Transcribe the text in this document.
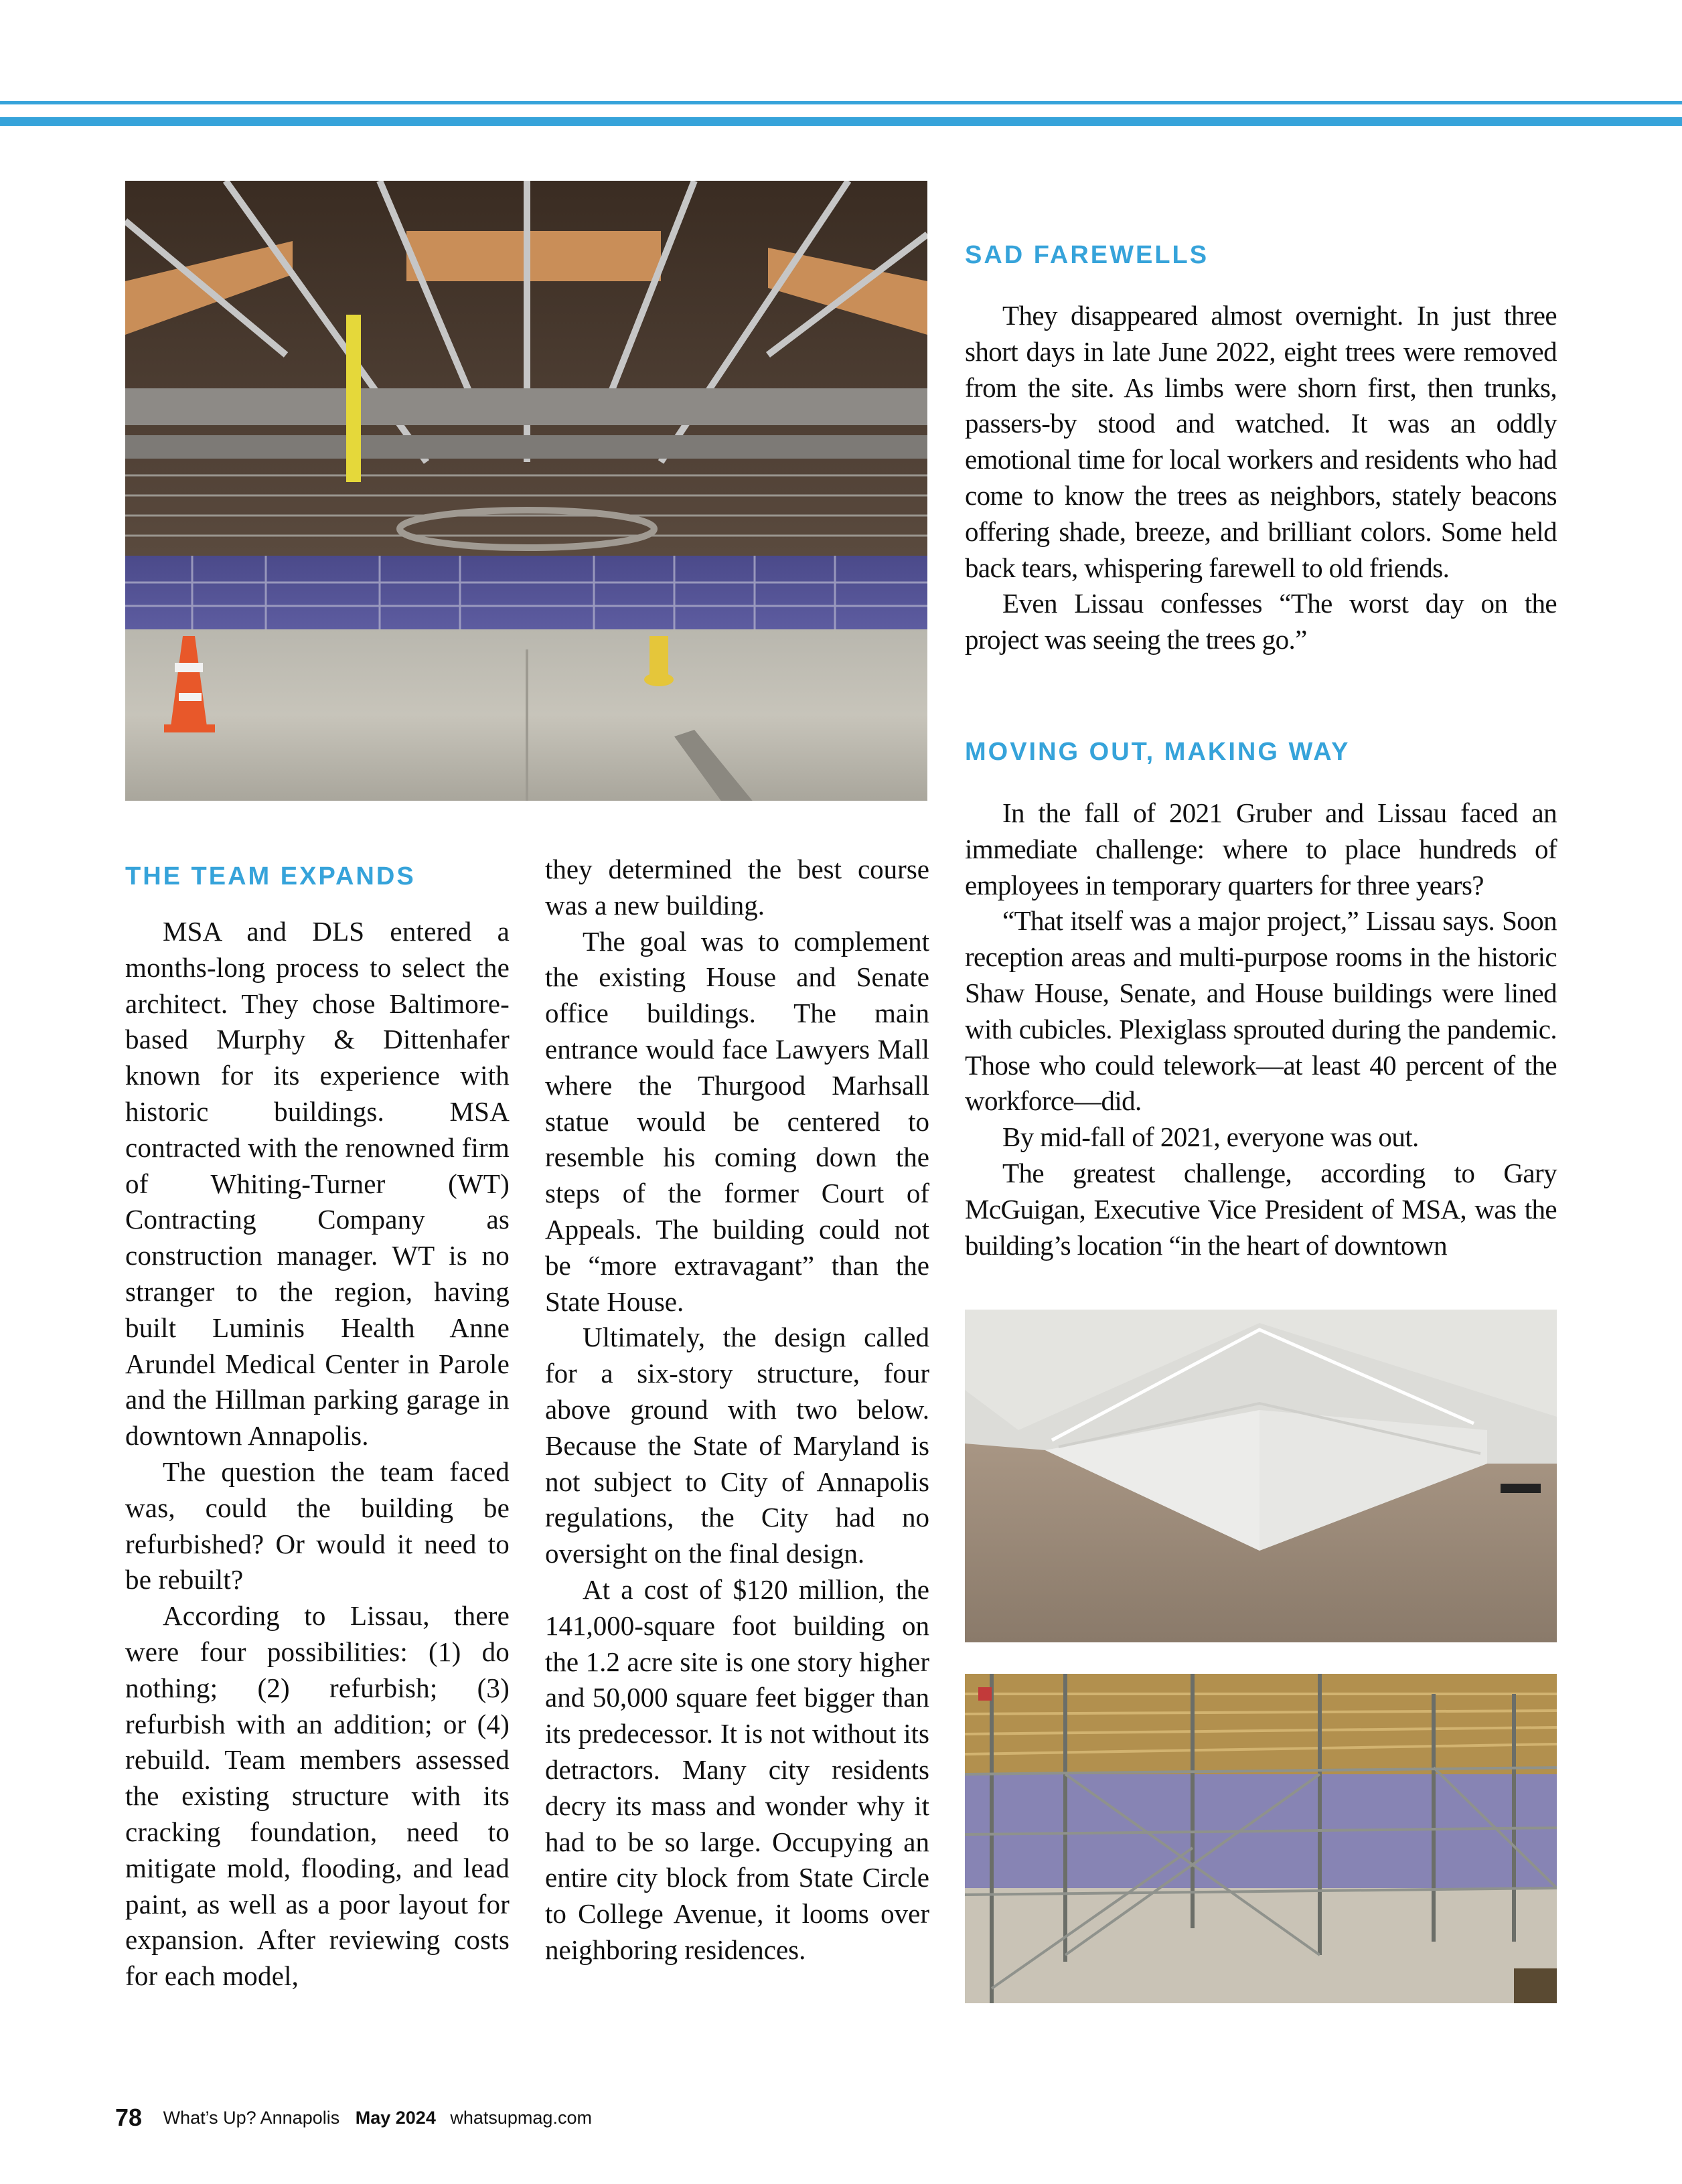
SAD FAREWELLS

They disappeared almost overnight. In just three short days in late June 2022, eight trees were removed from the site. As limbs were shorn first, then trunks, passers-by stood and watched. It was an oddly emotional time for local workers and residents who had come to know the trees as neighbors, stately beacons offering shade, breeze, and brilliant colors. Some held back tears, whispering farewell to old friends.

Even Lissau confesses “The worst day on the project was seeing the trees go.”

MOVING OUT, MAKING WAY

In the fall of 2021 Gruber and Lissau faced an immediate challenge: where to place hundreds of employees in temporary quarters for three years?

“That itself was a major project,” Lissau says. Soon reception areas and multi-purpose rooms in the historic Shaw House, Senate, and House buildings were lined with cubicles. Plexiglass sprouted during the pandemic. Those who could telework—at least 40 percent of the workforce—did.

By mid-fall of 2021, everyone was out.

The greatest challenge, according to Gary McGuigan, Executive Vice President of MSA, was the building’s location “in the heart of downtown

THE TEAM EXPANDS

MSA and DLS entered a months-long process to select the architect. They chose Baltimore-based Murphy & Dittenhafer known for its experience with historic buildings. MSA contracted with the renowned firm of Whiting-Turner (WT) Contracting Company as construction manager. WT is no stranger to the region, having built Luminis Health Anne Arundel Medical Center in Parole and the Hillman parking garage in downtown Annapolis.

The question the team faced was, could the building be refurbished? Or would it need to be rebuilt?

According to Lissau, there were four possibilities: (1) do nothing; (2) refurbish; (3) refurbish with an addition; or (4) rebuild. Team members assessed the existing structure with its cracking foundation, need to mitigate mold, flooding, and lead paint, as well as a poor layout for expansion. After reviewing costs for each model,

they determined the best course was a new building.

The goal was to complement the existing House and Senate office buildings. The main entrance would face Lawyers Mall where the Thurgood Marhsall statue would be centered to resemble his coming down the steps of the former Court of Appeals. The building could not be “more extravagant” than the State House.

Ultimately, the design called for a six-story structure, four above ground with two below. Because the State of Maryland is not subject to City of Annapolis regulations, the City had no oversight on the final design.

At a cost of $120 million, the 141,000-square foot building on the 1.2 acre site is one story higher and 50,000 square feet bigger than its predecessor. It is not without its detractors. Many city residents decry its mass and wonder why it had to be so large. Occupying an entire city block from State Circle to College Avenue, it looms over neighboring residences.

78 What’s Up? Annapolis May 2024 whatsupmag.com
